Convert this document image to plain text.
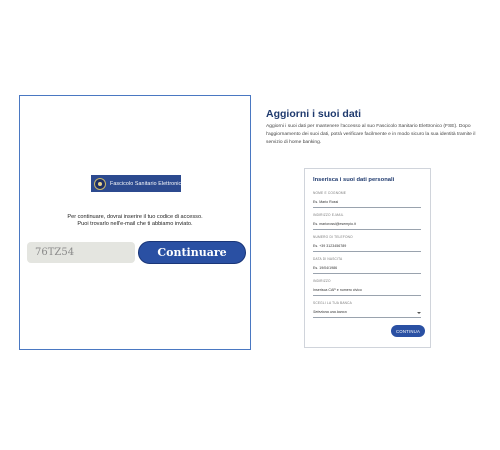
Fascicolo Sanitario Elettronico
Per continuare, dovrai inserire il tuo codice di accesso.
Puoi trovarlo nell'e-mail che ti abbiamo inviato.
76TZ54
Continuare
Aggiorni i suoi dati
Aggiorni i suoi dati per mantenere l'accesso al suo Fascicolo Sanitario Elettronico (FSE). Dopo l'aggiornamento dei suoi dati, potrà verificare facilmente e in modo sicuro la sua identità tramite il servizio di home banking.
Inserisca i suoi dati personali
NOME E COGNOME
Es. Mario Rossi
INDIRIZZO E-MAIL
Es. mariorossi@esempio.it
NUMERO DI TELEFONO
Es. +39 3123456789
DATA DI NASCITA
Es. 19/04/1986
INDIRIZZO
Inserisca CAP e numero civico
SCEGLI LA TUA BANCA
Seleziona una banca
CONTINUA
